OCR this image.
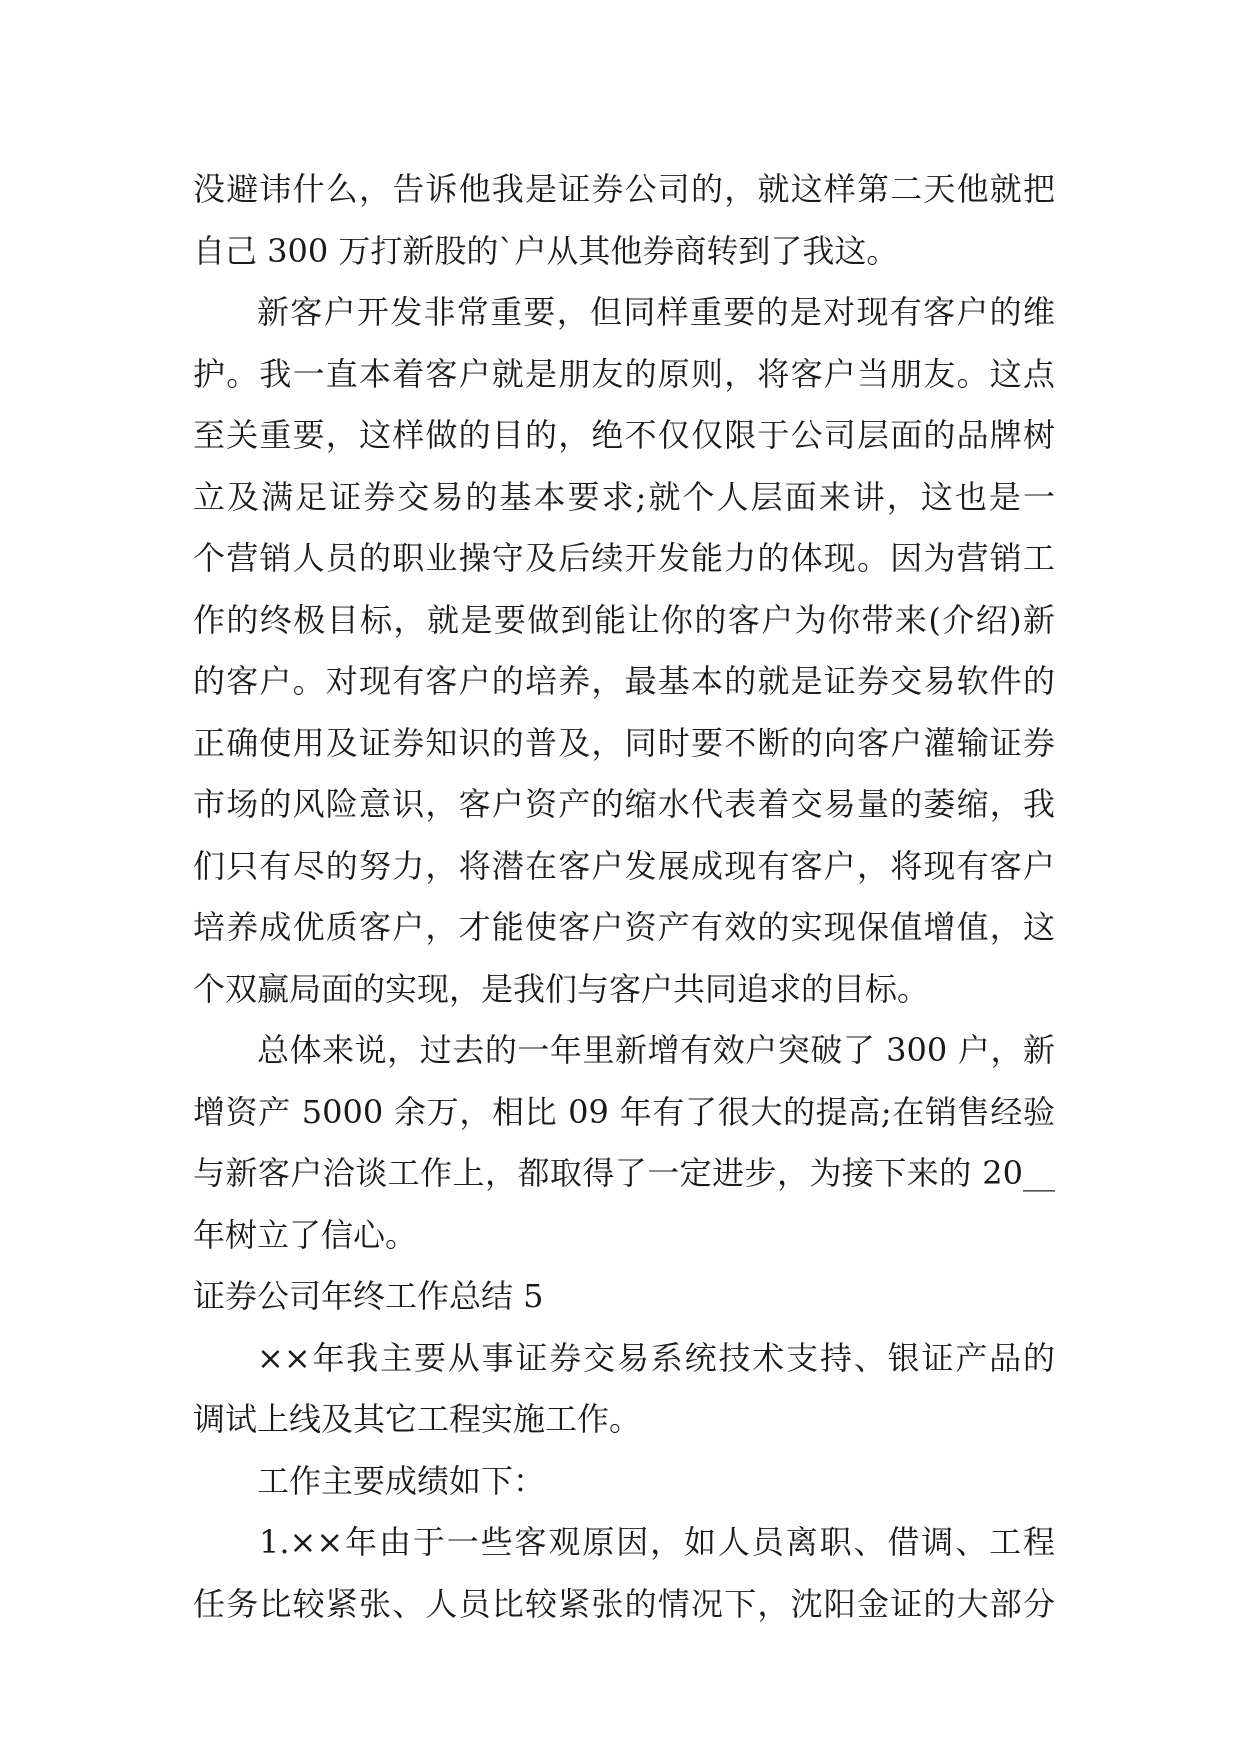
没避讳什么，告诉他我是证券公司的，就这样第二天他就把
自己 300 万打新股的`户从其他券商转到了我这。
新客户开发非常重要，但同样重要的是对现有客户的维
护。我一直本着客户就是朋友的原则，将客户当朋友。这点
至关重要，这样做的目的，绝不仅仅限于公司层面的品牌树
立及满足证券交易的基本要求;就个人层面来讲，这也是一
个营销人员的职业操守及后续开发能力的体现。因为营销工
作的终极目标，就是要做到能让你的客户为你带来(介绍)新
的客户。对现有客户的培养，最基本的就是证券交易软件的
正确使用及证券知识的普及，同时要不断的向客户灌输证券
市场的风险意识，客户资产的缩水代表着交易量的萎缩，我
们只有尽的努力，将潜在客户发展成现有客户，将现有客户
培养成优质客户，才能使客户资产有效的实现保值增值，这
个双赢局面的实现，是我们与客户共同追求的目标。
总体来说，过去的一年里新增有效户突破了 300 户，新
增资产 5000 余万，相比 09 年有了很大的提高;在销售经验
与新客户洽谈工作上，都取得了一定进步，为接下来的 20__
年树立了信心。
证券公司年终工作总结 5
××年我主要从事证券交易系统技术支持、银证产品的
调试上线及其它工程实施工作。
工作主要成绩如下：
1.××年由于一些客观原因，如人员离职、借调、工程
任务比较紧张、人员比较紧张的情况下，沈阳金证的大部分
